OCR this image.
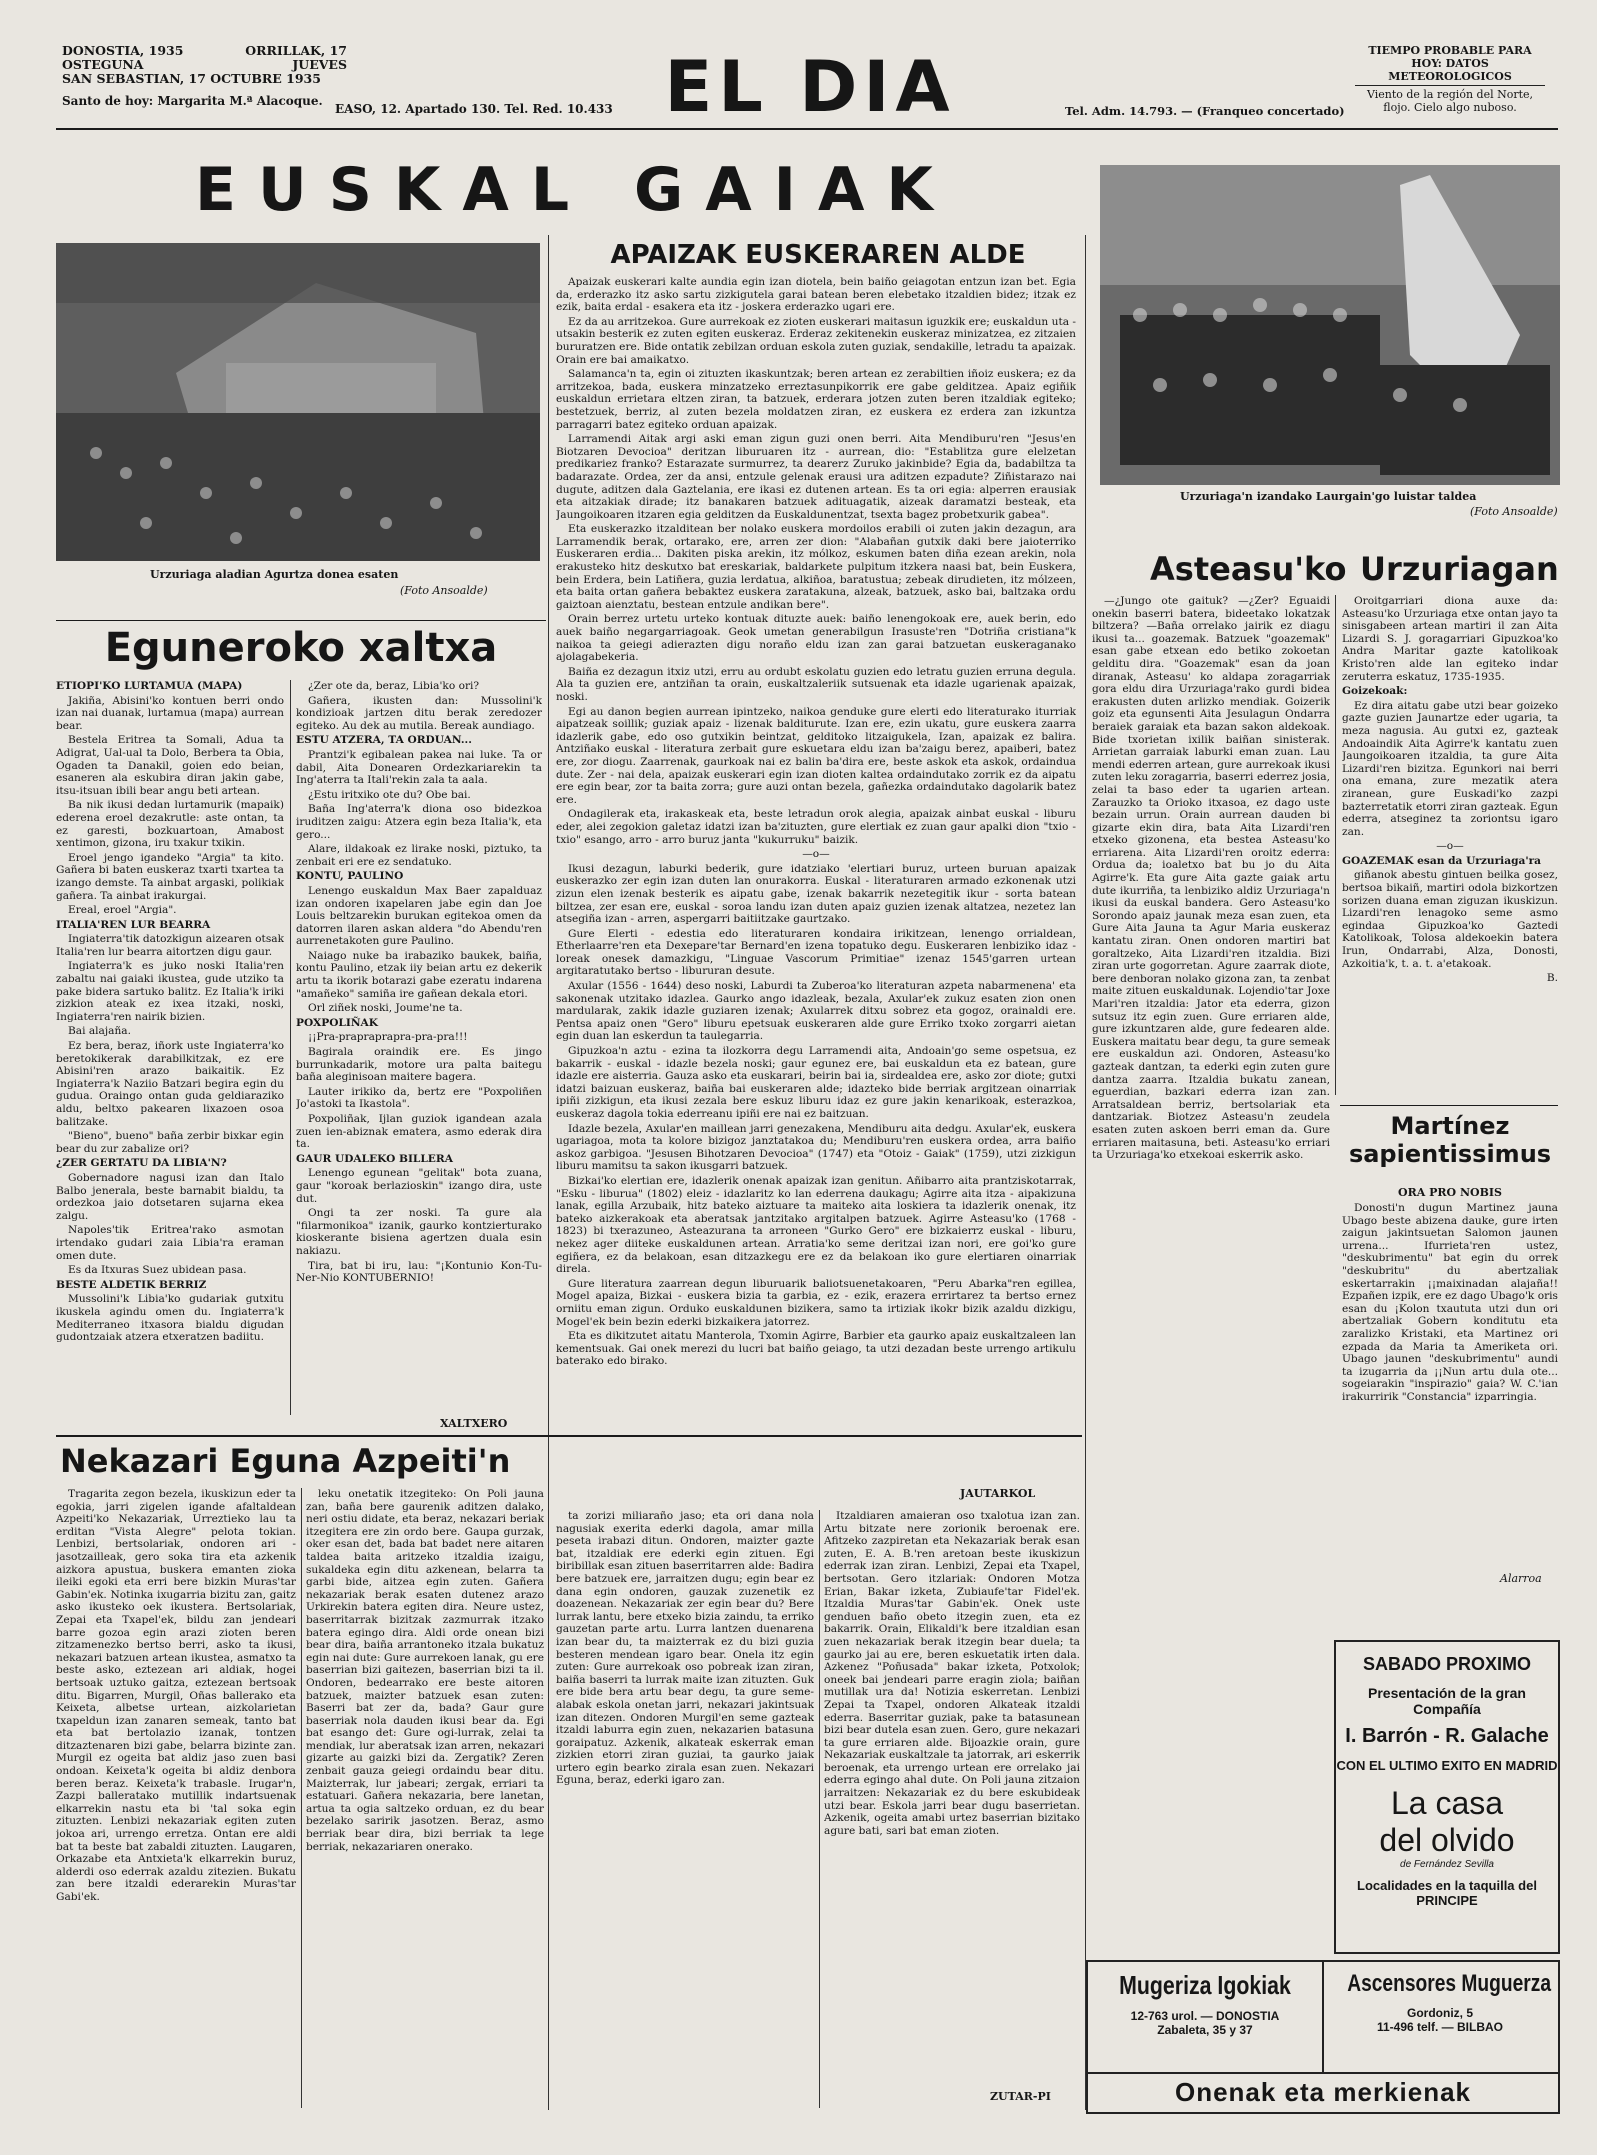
DONOSTIA, 1935	ORRILLAK, 17
OSTEGUNA	JUEVES
SAN SEBASTIAN, 17 OCTUBRE 1935
Santo de hoy: Margarita M.ª Alacoque.
EASO, 12. Apartado 130. Tel. Red. 10.433 EL DIA	Tel. Adm. 14.793. — (Franqueo concertado)
TIEMPO PROBABLE PARA HOY: DATOS METEOROLOGICOS
Viento de la región del Norte, flojo. Cielo algo nuboso.
EUSKAL GAIAK
Urzuriaga aladian Agurtza donea esaten
(Foto Ansoalde)
Urzuriaga'n izandako Laurgain'go luistar taldea
(Foto Ansoalde)
APAIZAK EUSKERAREN ALDE

Apaizak euskerari kalte aundia egin izan diotela, bein baiño geiagotan entzun izan bet. Egia da, erderazko itz asko sartu zizkigutela garai batean beren elebetako itzaldien bidez; itzak ez ezik, baita erdal - esakera eta itz - joskera erderazko ugari ere.

Ez da au arritzekoa. Gure aurrekoak ez zioten euskerari maitasun iguzkik ere; euskaldun uta - utsakin besterik ez zuten egiten euskeraz. Erderaz zekitenekin euskeraz minizatzea, ez zitzaien bururatzen ere. Bide ontatik zebilzan orduan eskola zuten guziak, sendakille, letradu ta apaizak. Orain ere bai amaikatxo.

Salamanca'n ta, egin oi zituzten ikaskuntzak; beren artean ez zerabiltien iñoiz euskera; ez da arritzekoa, bada, euskera minzatzeko erreztasunpikorrik ere gabe gelditzea. Apaiz egiñik euskaldun errietara eltzen ziran, ta batzuek, erderara jotzen zuten beren itzaldiak egiteko; bestetzuek, berriz, al zuten bezela moldatzen ziran, ez euskera ez erdera zan izkuntza parragarri batez egiteko orduan apaizak.

Larramendi Aitak argi aski eman zigun guzi onen berri. Aita Mendiburu'ren "Jesus'en Biotzaren Devocioa" deritzan liburuaren itz - aurrean, dio: "Establitza gure elelzetan predikariez franko? Estarazate surmurrez, ta dearerz Zuruko jakinbide? Egia da, badabiltza ta badarazate. Ordea, zer da ansi, entzule gelenak erausi ura aditzen ezpadute? Ziñistarazo nai dugute, aditzen dala Gaztelania, ere ikasi ez dutenen artean. Es ta ori egia: alperren erausiak eta aitzakiak dirade; itz banakaren batzuek adituagatik, aizeak daramatzi besteak, eta Jaungoikoaren itzaren egia gelditzen da Euskaldunentzat, tsexta bagez probetxurik gabea".

Eta euskerazko itzalditean ber nolako euskera mordoilos erabili oi zuten jakin dezagun, ara Larramendik berak, ortarako, ere, arren zer dion: "Alabañan gutxik daki bere jaioterriko Euskeraren erdia... Dakiten piska arekin, itz mólkoz, eskumen baten diña ezean arekin, nola erakusteko hitz deskutxo bat ereskariak, baldarkete pulpitum itzkera naasi bat, bein Euskera, bein Erdera, bein Latiñera, guzia lerdatua, alkiñoa, baratustua; zebeak dirudieten, itz mólzeen, eta baita ortan gañera bebaktez euskera zaratakuna, alzeak, batzuek, asko bai, baltzaka ordu gaiztoan aienztatu, bestean entzule andikan bere".

Orain berrez urtetu urteko kontuak dituzte auek: baiño lenengokoak ere, auek berin, edo auek baiño negargarriagoak. Geok umetan generabilgun Irasuste'ren "Dotriña cristiana"k naikoa ta geiegi adierazten digu noraño eldu izan zan garai batzuetan euskeraganako ajolagabekeria.

Baiña ez dezagun itxiz utzi, erru au ordubt eskolatu guzien edo letratu guzien erruna degula. Ala ta guzien ere, antziñan ta orain, euskaltzaleriik sutsuenak eta idazle ugarienak apaizak, noski.

Egi au danon begien aurrean ipintzeko, naikoa genduke gure elerti edo literaturako iturriak aipatzeak soillik; guziak apaiz - lizenak balditurute. Izan ere, ezin ukatu, gure euskera zaarra idazlerik gabe, edo oso gutxikin beintzat, gelditoko litzaigukela, Izan, apaizak ez balira. Antziñako euskal - literatura zerbait gure eskuetara eldu izan ba'zaigu berez, apaiberi, batez ere, zor diogu. Zaarrenak, gaurkoak nai ez balin ba'dira ere, beste askok eta askok, ordaindua dute. Zer - nai dela, apaizak euskerari egin izan dioten kaltea ordaindutako zorrik ez da aipatu ere egin bear, zor ta baita zorra; gure auzi ontan bezela, gañezka ordaindutako dagolarik batez ere.

Ondagilerak eta, irakaskeak eta, beste letradun orok alegia, apaizak ainbat euskal - liburu eder, alei zegokion galetaz idatzi izan ba'zituzten, gure elertiak ez zuan gaur apalki dion "txio - txio" esango, arro - arro buruz janta "kukurruku" baizik.

—o—

Ikusi dezagun, laburki bederik, gure idatziako 'elertiari buruz, urteen buruan apaizak euskerazko zer egin izan duten lan onurakorra. Euskal - literaturaren armado ezkonenak utzi zizun elen izenak besterik es aipatu gabe, izenak bakarrik nezetegitik ikur - sorta batean biltzea, zer esan ere, euskal - soroa landu izan duten apaiz guzien izenak altatzea, nezetez lan atsegiña izan - arren, aspergarri baitiitzake gaurtzako.

Gure Elerti - edestia edo literaturaren kondaira irikitzean, lenengo orrialdean, Etherlaarre'ren eta Dexepare'tar Bernard'en izena topatuko degu. Euskeraren lenbiziko idaz - loreak onesek damazkigu, "Linguae Vascorum Primitiae" izenaz 1545'garren urtean argitaratutako bertso - libururan desute.

Axular (1556 - 1644) deso noski, Laburdi ta Zuberoa'ko literaturan azpeta nabarmenena' eta sakonenak utzitako idazlea. Gaurko ango idazleak, bezala, Axular'ek zukuz esaten zion onen mardularak, zakik idazle guziaren izenak; Axularrek ditxu sobrez eta gogoz, orainaldi ere. Pentsa apaiz onen "Gero" liburu epetsuak euskeraren alde gure Erriko txoko zorgarri aietan egin duan lan eskerdun ta taulegarria.

Gipuzkoa'n aztu - ezina ta ilozkorra degu Larramendi aita, Andoain'go seme ospetsua, ez bakarrik - euskal - idazle bezela noski; gaur egunez ere, bai euskaldun eta ez batean, gure idazle ere aisterria. Gauza asko eta euskarari, beirin bai ia, sirdealdea ere, asko zor diote; gutxi idatzi baizuan euskeraz, baiña bai euskeraren alde; idazteko bide berriak argitzean oinarriak ipiñi zizkigun, eta ikusi zezala bere eskuz liburu idaz ez gure jakin kenarikoak, esterazkoa, euskeraz dagola tokia ederreanu ipiñi ere nai ez baitzuan.

Idazle bezela, Axular'en maillean jarri genezakena, Mendiburu aita dedgu. Axular'ek, euskera ugariagoa, mota ta kolore bizigoz janztatakoa du; Mendiburu'ren euskera ordea, arra baiño askoz garbigoa. "Jesusen Bihotzaren Devocioa" (1747) eta "Otoiz - Gaiak" (1759), utzi zizkigun liburu mamitsu ta sakon ikusgarri batzuek.

Bizkai'ko elertian ere, idazlerik onenak apaizak izan genitun. Añibarro aita prantziskotarrak, "Esku - liburua" (1802) eleiz - idazlaritz ko lan ederrena daukagu; Agirre aita itza - aipakizuna lanak, egilla Arzubaik, hitz bateko aiztuare ta maiteko aita loskiera ta idazlerik onenak, itz bateko aizkerakoak eta aberatsak jantzitako argitalpen batzuek. Agirre Asteasu'ko (1768 - 1823) bi txerazuneo, Asteazurana ta arroneen "Gurko Gero" ere bizkaierrz euskal - liburu, nekez ager diiteke euskaldunen artean. Arratia'ko seme deritzai izan nori, ere goi'ko gure egiñera, ez da belakoan, esan ditzazkegu ere ez da belakoan iko gure elertiaren oinarriak direla.

Gure literatura zaarrean degun liburuarik baliotsuenetakoaren, "Peru Abarka"ren egillea, Mogel apaiza, Bizkai - euskera bizia ta garbia, ez - ezik, erazera errirtarez ta bertso ernez orniitu eman zigun. Orduko euskaldunen bizikera, samo ta irtiziak ikokr bizik azaldu dizkigu, Mogel'ek bein bezin ederki bizkaikera jatorrez.

Eta es dikitzutet aitatu Manterola, Txomin Agirre, Barbier eta gaurko apaiz euskaltzaleen lan kementsuak. Gai onek merezi du lucri bat baiño geiago, ta utzi dezadan beste urrengo artikulu baterako edo birako.

JAUTARKOL
Eguneroko xaltxa

ETIOPI'KO LURTAMUA (MAPA)

Jakiña, Abisini'ko kontuen berri ondo izan nai duanak, lurtamua (mapa) aurrean bear.

Bestela Eritrea ta Somali, Adua ta Adigrat, Ual-ual ta Dolo, Berbera ta Obia, Ogaden ta Danakil, goien edo beian, esaneren ala eskubira diran jakin gabe, itsu-itsuan ibili bear angu beti artean.

Ba nik ikusi dedan lurtamurik (mapaik) ederena eroel dezakrutle: aste ontan, ta ez garesti, bozkuartoan, Amabost xentimon, gizona, iru txakur txikin.

Eroel jengo igandeko "Argia" ta kito. Gañera bi baten euskeraz txarti txartea ta izango demste. Ta ainbat argaski, polikiak gañera. Ta ainbat irakurgai.

Ereal, eroel "Argia".

ITALIA'REN LUR BEARRA

Ingiaterra'tik datozkigun aizearen otsak Italia'ren lur bearra aitortzen digu gaur.

Ingiaterra'k es juko noski Italia'ren zabaltu nai gaiaki ikustea, gude utziko ta pake bidera sartuko balitz. Ez Italia'k iriki zizkion ateak ez ixea itzaki, noski, Ingiaterra'ren nairik bizien.

Bai alajaña.

Ez bera, beraz, iñork uste Ingiaterra'ko beretokikerak darabilkitzak, ez ere Abisini'ren arazo baikaitik. Ez Ingiaterra'k Naziio Batzari begira egin du gudua. Oraingo ontan guda geldiaraziko aldu, beltxo pakearen lixazoen osoa balitzake.

"Bieno", bueno" baña zerbir bixkar egin bear du zur zabalize ori?

¿ZER GERTATU DA LIBIA'N?

Gobernadore nagusi izan dan Italo Balbo jenerala, beste barnabit bialdu, ta ordezkoa jaio dotsetaren sujarna ekea zalgu.

Napoles'tik Eritrea'rako asmotan irtendako gudari zaia Libia'ra eraman omen dute.

Es da Itxuras Suez ubidean pasa.

BESTE ALDETIK BERRIZ

Mussolini'k Libia'ko gudariak gutxitu ikuskela agindu omen du. Ingiaterra'k Mediterraneo itxasora bialdu digudan gudontzaiak atzera etxeratzen badiitu.

¿Zer ote da, beraz, Libia'ko ori?

Gañera, ikusten dan: Mussolini'k kondizioak jartzen ditu berak zeredozer egiteko. Au dek au mutila. Bereak aundiago.

ESTU ATZERA, TA ORDUAN...

Prantzi'k egibalean pakea nai luke. Ta or dabil, Aita Donearen Ordezkariarekin ta Ing'aterra ta Itali'rekin zala ta aala.

¿Estu iritxiko ote du? Obe bai.

Baña Ing'aterra'k diona oso bidezkoa iruditzen zaigu: Atzera egin beza Italia'k, eta gero...

Alare, ildakoak ez lirake noski, piztuko, ta zenbait eri ere ez sendatuko.

KONTU, PAULINO

Lenengo euskaldun Max Baer zapalduaz izan ondoren ixapelaren jabe egin dan Joe Louis beltzarekin burukan egitekoa omen da datorren ilaren askan aldera "do Abendu'ren aurrenetakoten gure Paulino.

Naiago nuke ba irabaziko baukek, baiña, kontu Paulino, etzak iiy beian artu ez dekerik artu ta ikorik botarazi gabe ezeratu indarena "amañeko" samiña ire gañean dekala etori.

Orl ziñek noski, Joume'ne ta.

POXPOLIÑAK

¡¡Pra-prapraprapra-pra-pra!!!

Bagirala oraindik ere. Es jingo burrunkadarik, motore ura palta baitegu baña aleginisoan maitere bagera.

Lauter irikiko da, bertz ere "Poxpoliñen Jo'astoki ta Ikastola".

Poxpoliñak, Ijlan guziok igandean azala zuen ien-abiznak ematera, asmo ederak dira ta.

GAUR UDALEKO BILLERA

Lenengo egunean "gelitak" bota zuana, gaur "koroak berlazioskin" izango dira, uste dut.

Ongi ta zer noski. Ta gure ala "filarmonikoa" izanik, gaurko kontzierturako kioskerante bisiena agertzen duala esin nakiazu.

Tira, bat bi iru, lau: "¡Kontunio Kon-Tu-Ner-Nio KONTUBERNIO!

XALTXERO
Nekazari Eguna Azpeiti'n

Tragarita zegon bezela, ikuskizun eder ta egokia, jarri zigelen igande afaltaldean Azpeiti'ko Nekazariak, Urreztieko lau ta erditan "Vista Alegre" pelota tokian. Lenbizi, bertsolariak, ondoren ari - jasotzailleak, gero soka tira eta azkenik aizkora apustua, buskera emanten zioka ileiki egoki eta erri bere bizkin Muras'tar Gabin'ek. Notinka ixugarria bizitu zan, gaitz asko ikusteko oek ikustera. Bertsolariak, Zepai eta Txapel'ek, bildu zan jendeari barre gozoa egin arazi zioten beren zitzamenezko bertso berri, asko ta ikusi, nekazari batzuen artean ikustea, asmatxo ta beste asko, eztezean ari aldiak, hogei bertsoak uztuko gaitza, eztezean bertsoak ditu. Bigarren, Murgil, Oñas ballerako eta Keixeta, albetse urtean, aizkolarietan txapeldun izan zanaren semeak, tanto bat eta bat bertolazio izanak, tontzen ditzaztenaren bizi gabe, belarra bizinte zan. Murgil ez ogeita bat aldiz jaso zuen basi ondoan. Keixeta'k ogeita bi aldiz denbora beren beraz. Keixeta'k trabasle. Irugar'n, Zazpi balleratako mutillik indartsuenak elkarrekin nastu eta bi 'tal soka egin zituzten. Lenbizi nekazariak egiten zuten jokoa ari, urrengo erretza. Ontan ere aldi bat ta beste bat zabaldi zituzten. Laugaren, Orkazabe eta Antxieta'k elkarrekin buruz, alderdi oso ederrak azaldu zitezien. Bukatu zan bere itzaldi ederarekin Muras'tar Gabi'ek.

leku onetatik itzegiteko: On Poli jauna zan, baña bere gaurenik aditzen dalako, neri ostiu didate, eta beraz, nekazari beriak itzegitera ere zin ordo bere. Gaupa gurzak, oker esan det, bada bat badet nere aitaren taldea baita aritzeko itzaldia izaigu, sukaldeka egin ditu azkenean, belarra ta garbi bide, aitzea egin zuten. Gañera nekazariak berak esaten dutenez arazo Urkirekin batera egiten dira. Neure ustez, baserritarrak bizitzak zazmurrak itzako batera egingo dira. Aldi orde onean bizi bear dira, baiña arrantoneko itzala bukatuz egin nai dute: Gure aurrekoen lanak, gu ere baserrian bizi gaitezen, baserrian bizi ta il. Ondoren, bedearrako ere beste aitoren batzuek, maizter batzuek esan zuten: Baserri bat zer da, bada? Gaur gure baserriak nola dauden ikusi bear da. Egi bat esango det: Gure ogi-lurrak, zelai ta mendiak, lur aberatsak izan arren, nekazari gizarte au gaizki bizi da. Zergatik? Zeren zenbait gauza geiegi ordaindu bear ditu. Maizterrak, lur jabeari; zergak, erriari ta estatuari. Gañera nekazaria, bere lanetan, artua ta ogia saltzeko orduan, ez du bear bezelako saririk jasotzen. Beraz, asmo berriak bear dira, bizi berriak ta lege berriak, nekazariaren onerako.

ta zorizi miliaraño jaso; eta ori dana nola nagusiak exerita ederki dagola, amar milla peseta irabazi ditun. Ondoren, maizter gazte bat, itzaldiak ere ederki egin zituen. Egi biribillak esan zituen baserritarren alde: Badira bere batzuek ere, jarraitzen dugu; egin bear ez dana egin ondoren, gauzak zuzenetik ez doazenean. Nekazariak zer egin bear du? Bere lurrak lantu, bere etxeko bizia zaindu, ta erriko gauzetan parte artu. Lurra lantzen duenarena izan bear du, ta maizterrak ez du bizi guzia besteren mendean igaro bear. Onela itz egin zuten: Gure aurrekoak oso pobreak izan ziran, baiña baserri ta lurrak maite izan zituzten. Guk ere bide bera artu bear degu, ta gure seme-alabak eskola onetan jarri, nekazari jakintsuak izan ditezen. Ondoren Murgil'en seme gazteak itzaldi laburra egin zuen, nekazarien batasuna goraipatuz. Azkenik, alkateak eskerrak eman zizkien etorri ziran guziai, ta gaurko jaiak urtero egin bearko zirala esan zuen. Nekazari Eguna, beraz, ederki igaro zan.

Itzaldiaren amaieran oso txalotua izan zan. Artu bitzate nere zorionik beroenak ere. Afitzeko zazpiretan eta Nekazariak berak esan zuten, E. A. B.'ren aretoan beste ikuskizun ederrak izan ziran. Lenbizi, Zepai eta Txapel, bertsotan. Gero itzlariak: Ondoren Motza Erian, Bakar izketa, Zubiaufe'tar Fidel'ek. Itzaldia Muras'tar Gabin'ek. Onek uste genduen baño obeto itzegin zuen, eta ez bakarrik. Orain, Elikaldi'k bere itzaldian esan zuen nekazariak berak itzegin bear duela; ta gaurko jai au ere, beren eskuetatik irten dala. Azkenez "Poñusada" bakar izketa, Potxolok; oneek bai jendeari parre eragin ziola; baiñan mutillak ura da! Notizia eskerretan. Lenbizi Zepai ta Txapel, ondoren Alkateak itzaldi ederra. Baserritar guziak, pake ta batasunean bizi bear dutela esan zuen. Gero, gure nekazari ta gure erriaren alde. Bijoazkie orain, gure Nekazariak euskaltzale ta jatorrak, ari eskerrik beroenak, eta urrengo urtean ere orrelako jai ederra egingo ahal dute. On Poli jauna zitzaion jarraitzen: Nekazariak ez du bere eskubideak utzi bear. Eskola jarri bear dugu baserrietan. Azkenik, ogeita amabi urtez baserrian bizitako agure bati, sari bat eman zioten.

ZUTAR-PI
Asteasu'ko Urzuriagan

—¿Jungo ote gaituk? —¿Zer? Eguaidi onekin baserri batera, bideetako lokatzak biltzera? —Baña orrelako jairik ez diagu ikusi ta... goazemak. Batzuek "goazemak" esan gabe etxean edo betiko zokoetan gelditu dira. "Goazemak" esan da joan diranak, Asteasu' ko aldapa zoragarriak gora eldu dira Urzuriaga'rako gurdi bidea erakusten duten arlizko mendiak. Goizerik goiz eta egunsenti Aita Jesulagun Ondarra beraiek garaiak eta bazan sakon aldekoak. Bide txorietan ixilik baiñan sinisterak. Arrietan garraiak laburki eman zuan. Lau mendi ederren artean, gure aurrekoak ikusi zuten leku zoragarria, baserri ederrez josia, zelai ta baso eder ta ugarien artean. Zarauzko ta Orioko itxasoa, ez dago uste bezain urrun. Orain aurrean dauden bi gizarte ekin dira, bata Aita Lizardi'ren etxeko gizonena, eta bestea Asteasu'ko erriarena. Aita Lizardi'ren oroitz ederra: Ordua da; ioaletxo bat bu jo du Aita Agirre'k. Eta gure Aita gazte gaiak artu dute ikurriña, ta lenbiziko aldiz Urzuriaga'n ikusi da euskal bandera. Gero Asteasu'ko Sorondo apaiz jaunak meza esan zuen, eta Gure Aita Jauna ta Agur Maria euskeraz kantatu ziran. Onen ondoren martiri bat goraltzeko, Aita Lizardi'ren itzaldia. Bizi ziran urte gogorretan. Agure zaarrak diote, bere denboran nolako gizona zan, ta zenbat maite zituen euskaldunak. Lojendio'tar Joxe Mari'ren itzaldia: Jator eta ederra, gizon sutsuz itz egin zuen. Gure erriaren alde, gure izkuntzaren alde, gure fedearen alde. Euskera maitatu bear degu, ta gure semeak ere euskaldun azi. Ondoren, Asteasu'ko gazteak dantzan, ta ederki egin zuten gure dantza zaarra. Itzaldia bukatu zanean, eguerdian, bazkari ederra izan zan. Arratsaldean berriz, bertsolariak eta dantzariak. Biotzez Asteasu'n zeudela esaten zuten askoen berri eman da. Gure erriaren maitasuna, beti. Asteasu'ko erriari ta Urzuriaga'ko etxekoai eskerrik asko.

Oroitgarriari diona auxe da: Asteasu'ko Urzuriaga etxe ontan jayo ta sinisgabeen artean martiri il zan Aita Lizardi S. J. goragarriari Gipuzkoa'ko Andra Maritar gazte katolikoak Kristo'ren alde lan egiteko indar zeruterra eskatuz, 1735-1935.

Goizekoak:

Ez dira aitatu gabe utzi bear goizeko gazte guzien Jaunartze eder ugaria, ta meza nagusia. Au gutxi ez, gazteak Andoaindik Aita Agirre'k kantatu zuen Jaungoikoaren itzaldia, ta gure Aita Lizardi'ren bizitza. Egunkori nai berri ona emana, zure mezatik atera ziranean, gure Euskadi'ko zazpi bazterretatik etorri ziran gazteak. Egun ederra, atseginez ta zoriontsu igaro zan.

—o—

GOAZEMAK esan da Urzuriaga'ra

giñanok abestu gintuen beilka gosez, bertsoa bikaiñ, martiri odola bizkortzen sorizen duana eman ziguzan ikuskizun. Lizardi'ren lenagoko seme asmo egindaa Gipuzkoa'ko Gaztedi Katolikoak, Tolosa aldekoekin batera Irun, Ondarrabi, Alza, Donosti, Azkoitia'k, t. a. t. a'etakoak.

B.

Martínez sapientissimus
ORA PRO NOBIS

Donosti'n dugun Martinez jauna Ubago beste abizena dauke, gure irten zaigun jakintsuetan Salomon jaunen urrena... Ifurrieta'ren ustez, "deskubrimentu" bat egin du orrek "deskubritu" du abertzaliak eskertarrakin ¡¡maixinadan alajaña!! Ezpañen izpik, ere ez dago Ubago'k oris esan du ¡Kolon txaututa utzi dun ori abertzaliak Gobern konditutu eta zaralizko Kristaki, eta Martinez ori ezpada da Maria ta Ameriketa ori. Ubago jaunen "deskubrimentu" aundi ta izugarria da ¡¡Nun artu dula ote... sogeiarakin "inspirazio" gaia? W. C.'ian irakurririk "Constancia" izparringia.

Alarroa
SABADO PROXIMO
Presentación de la gran Compañía
I. Barrón - R. Galache
CON EL ULTIMO EXITO EN MADRID
La casa
del olvido
de Fernández Sevilla
Localidades en la taquilla del PRINCIPE
Mugeriza Igokiak
12-763 urol. — DONOSTIA
Zabaleta, 35 y 37
Ascensores Muguerza
Gordoniz, 5
11-496 telf. — BILBAO
Onenak eta merkienak
